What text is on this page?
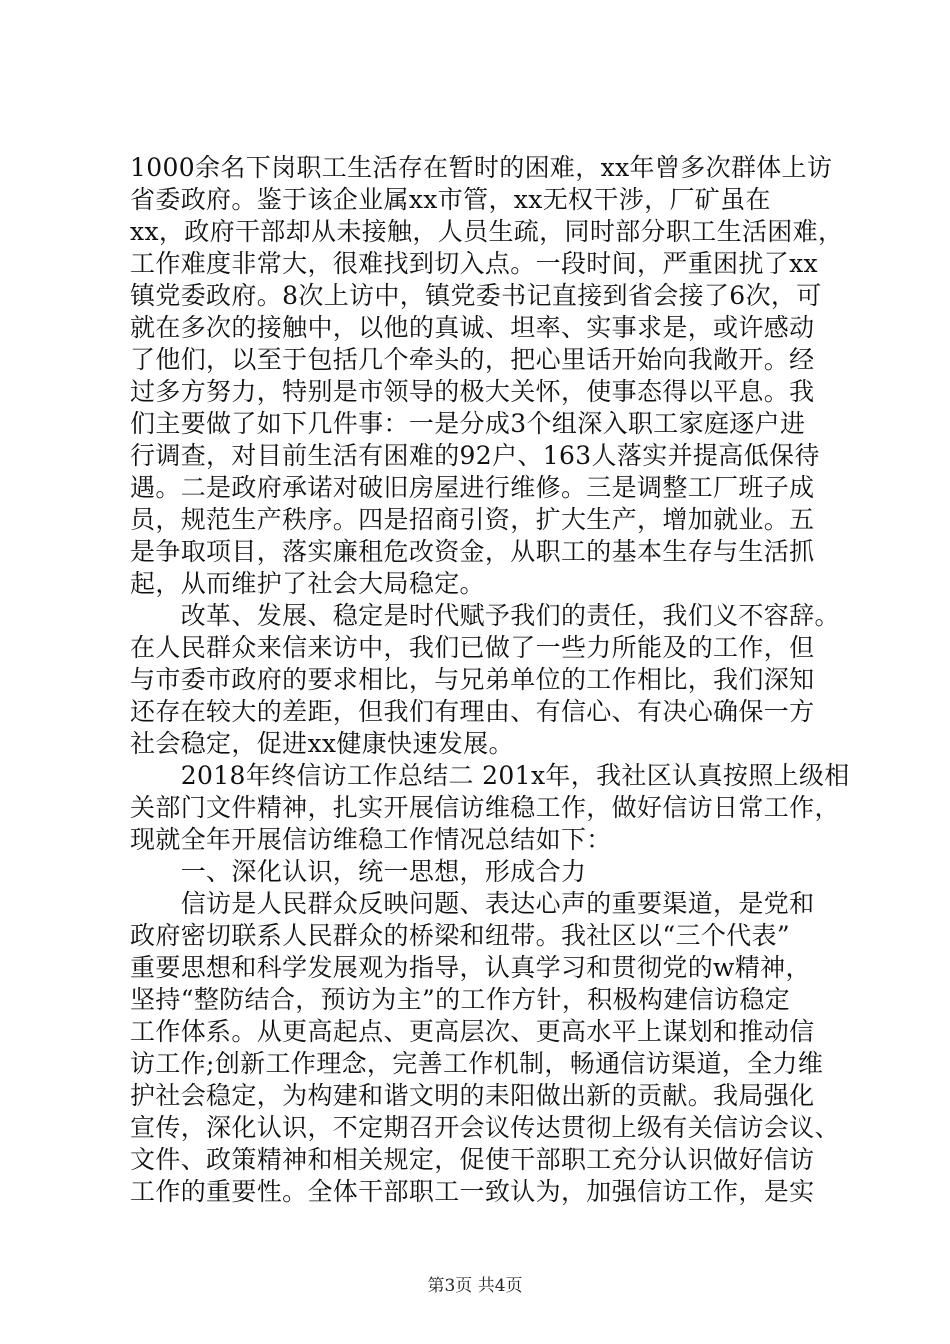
1000余名下岗职工生活存在暂时的困难，xx年曾多次群体上访
省委政府。鉴于该企业属xx市管，xx无权干涉，厂矿虽在
xx，政府干部却从未接触，人员生疏，同时部分职工生活困难，
工作难度非常大，很难找到切入点。一段时间，严重困扰了xx
镇党委政府。8次上访中，镇党委书记直接到省会接了6次，可
就在多次的接触中，以他的真诚、坦率、实事求是，或许感动
了他们，以至于包括几个牵头的，把心里话开始向我敞开。经
过多方努力，特别是市领导的极大关怀，使事态得以平息。我
们主要做了如下几件事：一是分成3个组深入职工家庭逐户进
行调查，对目前生活有困难的92户、163人落实并提高低保待
遇。二是政府承诺对破旧房屋进行维修。三是调整工厂班子成
员，规范生产秩序。四是招商引资，扩大生产，增加就业。五
是争取项目，落实廉租危改资金，从职工的基本生存与生活抓
起，从而维护了社会大局稳定。
　　改革、发展、稳定是时代赋予我们的责任，我们义不容辞。
在人民群众来信来访中，我们已做了一些力所能及的工作，但
与市委市政府的要求相比，与兄弟单位的工作相比，我们深知
还存在较大的差距，但我们有理由、有信心、有决心确保一方
社会稳定，促进xx健康快速发展。
　　2018年终信访工作总结二 201x年，我社区认真按照上级相
关部门文件精神，扎实开展信访维稳工作，做好信访日常工作，
现就全年开展信访维稳工作情况总结如下：
　　一、深化认识，统一思想，形成合力
　　信访是人民群众反映问题、表达心声的重要渠道，是党和
政府密切联系人民群众的桥梁和纽带。我社区以“三个代表”
重要思想和科学发展观为指导，认真学习和贯彻党的w精神，
坚持“整防结合，预访为主”的工作方针，积极构建信访稳定
工作体系。从更高起点、更高层次、更高水平上谋划和推动信
访工作;创新工作理念，完善工作机制，畅通信访渠道，全力维
护社会稳定，为构建和谐文明的耒阳做出新的贡献。我局强化
宣传，深化认识，不定期召开会议传达贯彻上级有关信访会议、
文件、政策精神和相关规定，促使干部职工充分认识做好信访
工作的重要性。全体干部职工一致认为，加强信访工作，是实
第3页 共4页
